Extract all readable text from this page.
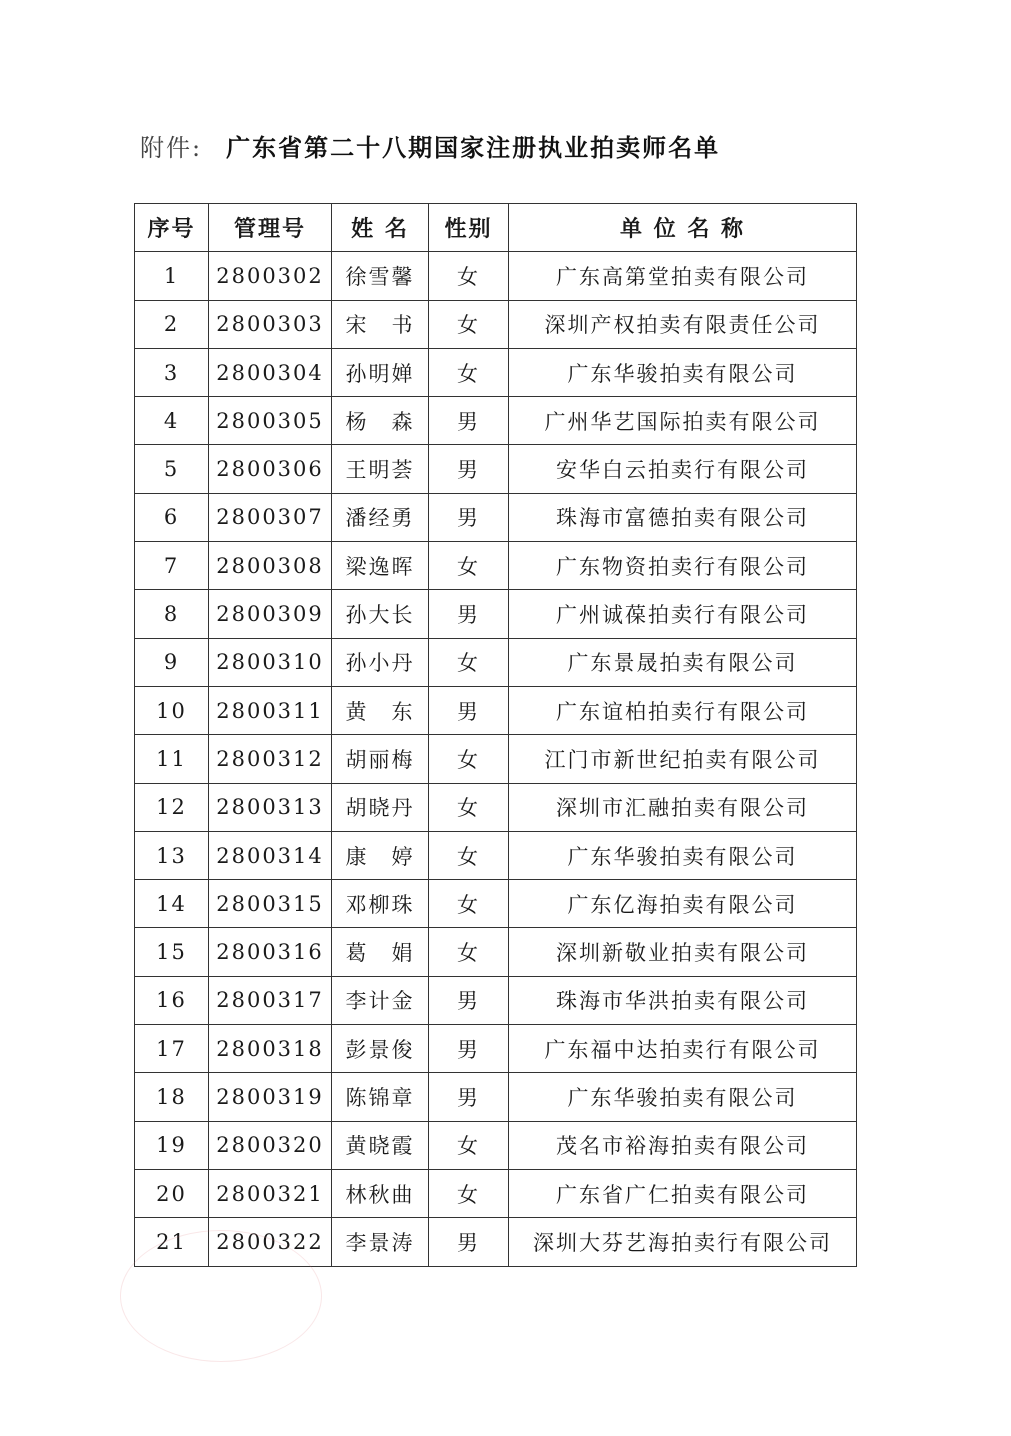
附件: 广东省第二十八期国家注册执业拍卖师名单
序号	管理号	姓 名	性别	单 位 名 称
1	2800302	徐雪馨	女	广东高第堂拍卖有限公司
2	2800303	宋　书	女	深圳产权拍卖有限责任公司
3	2800304	孙明婵	女	广东华骏拍卖有限公司
4	2800305	杨　森	男	广州华艺国际拍卖有限公司
5	2800306	王明荟	男	安华白云拍卖行有限公司
6	2800307	潘经勇	男	珠海市富德拍卖有限公司
7	2800308	梁逸晖	女	广东物资拍卖行有限公司
8	2800309	孙大长	男	广州诚葆拍卖行有限公司
9	2800310	孙小丹	女	广东景晟拍卖有限公司
10	2800311	黄　东	男	广东谊柏拍卖行有限公司
11	2800312	胡丽梅	女	江门市新世纪拍卖有限公司
12	2800313	胡晓丹	女	深圳市汇融拍卖有限公司
13	2800314	康　婷	女	广东华骏拍卖有限公司
14	2800315	邓柳珠	女	广东亿海拍卖有限公司
15	2800316	葛　娟	女	深圳新敬业拍卖有限公司
16	2800317	李计金	男	珠海市华洪拍卖有限公司
17	2800318	彭景俊	男	广东福中达拍卖行有限公司
18	2800319	陈锦章	男	广东华骏拍卖有限公司
19	2800320	黄晓霞	女	茂名市裕海拍卖有限公司
20	2800321	林秋曲	女	广东省广仁拍卖有限公司
21	2800322	李景涛	男	深圳大芬艺海拍卖行有限公司
